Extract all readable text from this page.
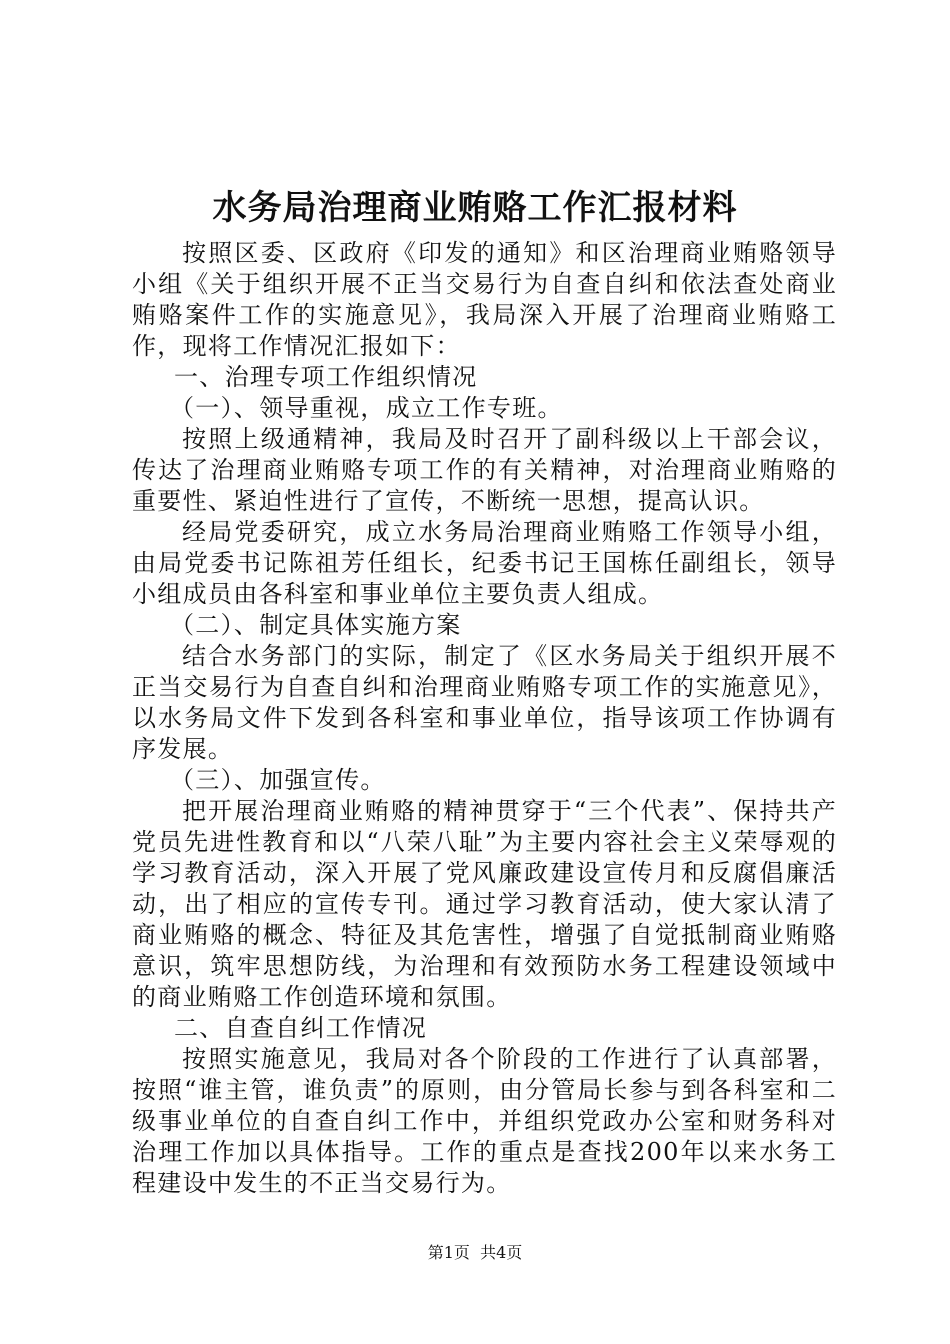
水务局治理商业贿赂工作汇报材料

按照区委、区政府《印发的通知》和区治理商业贿赂领导小组《关于组织开展不正当交易行为自查自纠和依法查处商业贿赂案件工作的实施意见》，我局深入开展了治理商业贿赂工作，现将工作情况汇报如下：

一、治理专项工作组织情况

（一）、领导重视，成立工作专班。

按照上级通精神，我局及时召开了副科级以上干部会议，传达了治理商业贿赂专项工作的有关精神，对治理商业贿赂的重要性、紧迫性进行了宣传，不断统一思想，提高认识。

经局党委研究，成立水务局治理商业贿赂工作领导小组，由局党委书记陈祖芳任组长，纪委书记王国栋任副组长，领导小组成员由各科室和事业单位主要负责人组成。

（二）、制定具体实施方案

结合水务部门的实际，制定了《区水务局关于组织开展不正当交易行为自查自纠和治理商业贿赂专项工作的实施意见》，以水务局文件下发到各科室和事业单位，指导该项工作协调有序发展。

（三）、加强宣传。

把开展治理商业贿赂的精神贯穿于“三个代表”、保持共产党员先进性教育和以“八荣八耻”为主要内容社会主义荣辱观的学习教育活动，深入开展了党风廉政建设宣传月和反腐倡廉活动，出了相应的宣传专刊。通过学习教育活动，使大家认清了商业贿赂的概念、特征及其危害性，增强了自觉抵制商业贿赂意识，筑牢思想防线，为治理和有效预防水务工程建设领域中的商业贿赂工作创造环境和氛围。

二、自查自纠工作情况

按照实施意见，我局对各个阶段的工作进行了认真部署，按照“谁主管，谁负责”的原则，由分管局长参与到各科室和二级事业单位的自查自纠工作中，并组织党政办公室和财务科对治理工作加以具体指导。工作的重点是查找200年以来水务工程建设中发生的不正当交易行为。

第1页 共4页
